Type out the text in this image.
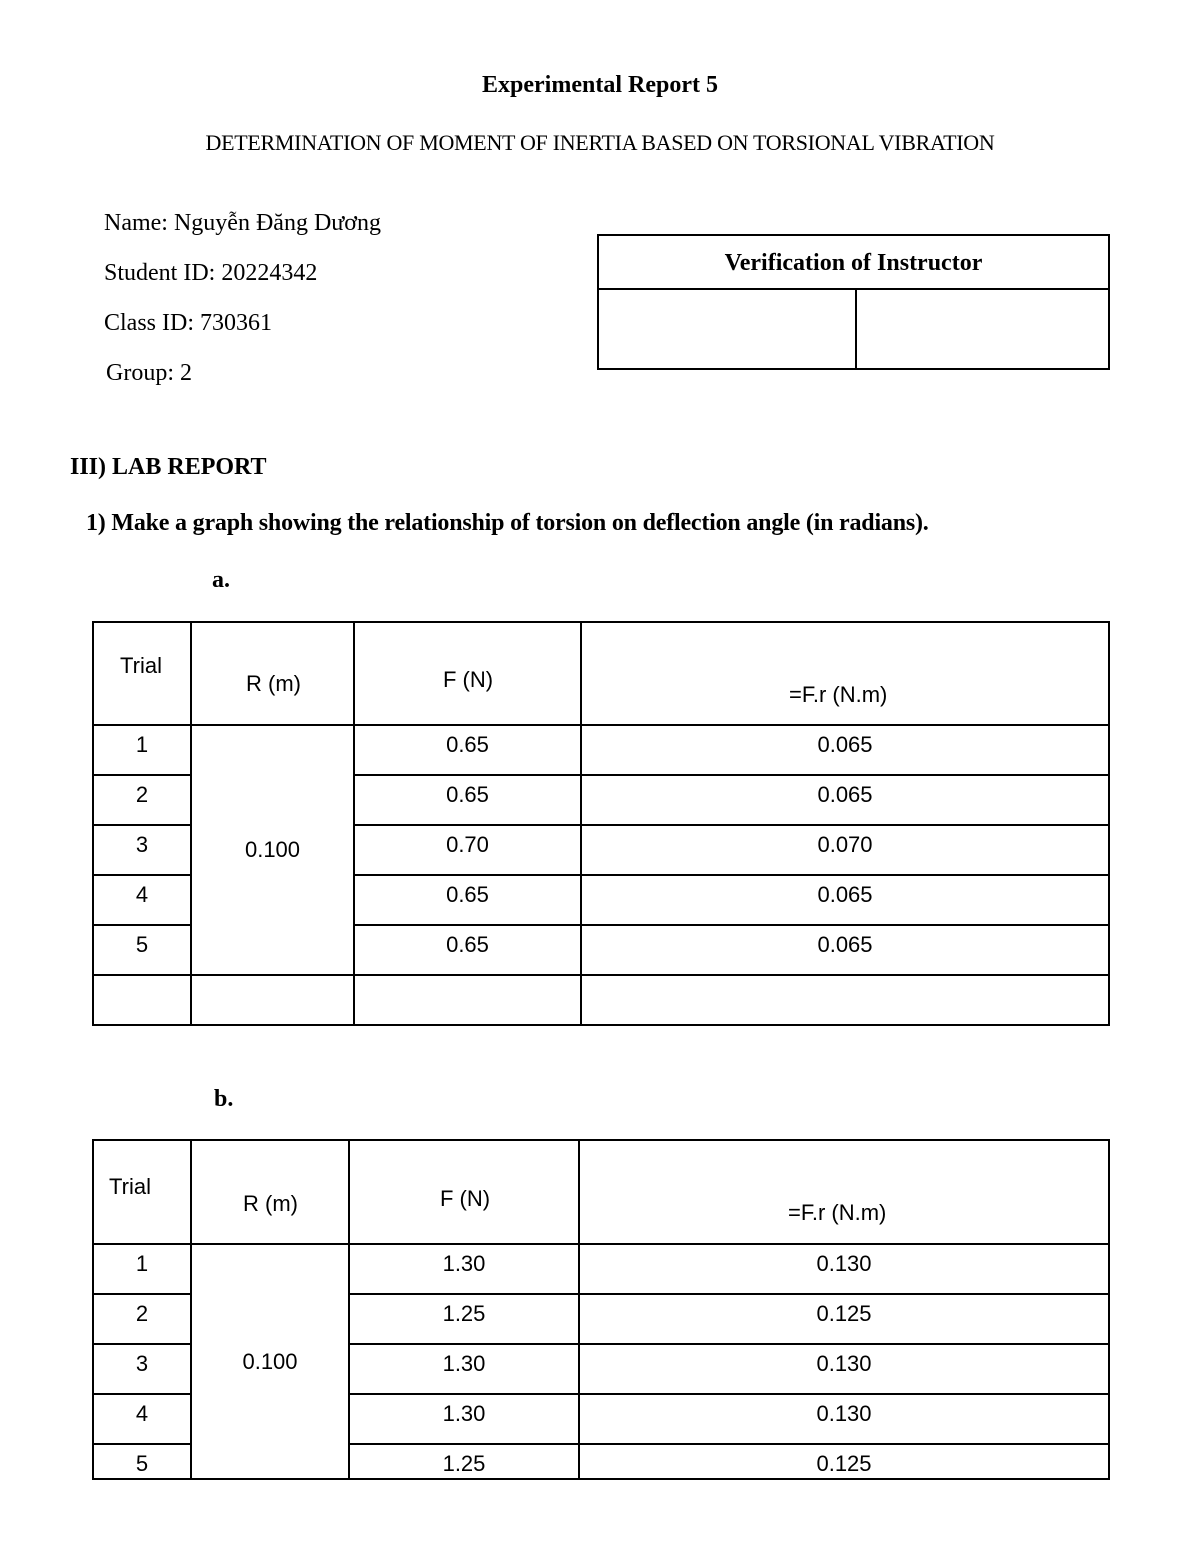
Experimental Report 5
DETERMINATION OF MOMENT OF INERTIA BASED ON TORSIONAL VIBRATION
Name: Nguyễn Đăng Dương
Student ID: 20224342
Class ID: 730361
Group: 2
Verification of Instructor
III) LAB REPORT
1) Make a graph showing the relationship of torsion on deflection angle (in radians).
a.
Trial	R (m)	F (N)	=F.r (N.m)

1	0.100	0.65	0.065
2		0.65	0.065
3		0.70	0.070
4		0.65	0.065
5		0.65	0.065

b.
Trial	R (m)	F (N)	=F.r (N.m)

1	0.100	1.30	0.130
2		1.25	0.125
3		1.30	0.130
4		1.30	0.130
5		1.25	0.125
